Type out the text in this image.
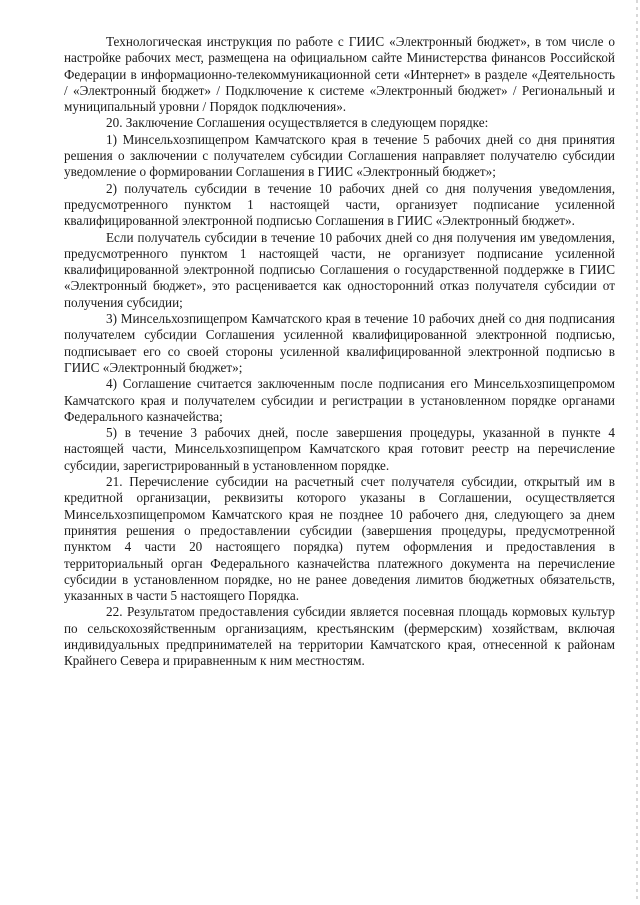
Технологическая инструкция по работе с ГИИС «Электронный бюджет», в том числе о настройке рабочих мест, размещена на официальном сайте Министерства финансов Российской Федерации в информационно-телекоммуникационной сети «Интернет» в разделе «Деятельность / «Электронный бюджет» / Подключение к системе «Электронный бюджет» / Региональный и муниципальный уровни / Порядок подключения».

20. Заключение Соглашения осуществляется в следующем порядке:

1) Минсельхозпищепром Камчатского края в течение 5 рабочих дней со дня принятия решения о заключении с получателем субсидии Соглашения направляет получателю субсидии уведомление о формировании Соглашения в ГИИС «Электронный бюджет»;

2) получатель субсидии в течение 10 рабочих дней со дня получения уведомления, предусмотренного пунктом 1 настоящей части, организует подписание усиленной квалифицированной электронной подписью Соглашения в ГИИС «Электронный бюджет».

Если получатель субсидии в течение 10 рабочих дней со дня получения им уведомления, предусмотренного пунктом 1 настоящей части, не организует подписание усиленной квалифицированной электронной подписью Соглашения о государственной поддержке в ГИИС «Электронный бюджет», это расценивается как односторонний отказ получателя субсидии от получения субсидии;

3) Минсельхозпищепром Камчатского края в течение 10 рабочих дней со дня подписания получателем субсидии Соглашения усиленной квалифицированной электронной подписью, подписывает его со своей стороны усиленной квалифицированной электронной подписью в ГИИС «Электронный бюджет»;

4) Соглашение считается заключенным после подписания его Минсельхозпищепромом Камчатского края и получателем субсидии и регистрации в установленном порядке органами Федерального казначейства;

5) в течение 3 рабочих дней, после завершения процедуры, указанной в пункте 4 настоящей части, Минсельхозпищепром Камчатского края готовит реестр на перечисление субсидии, зарегистрированный в установленном порядке.

21. Перечисление субсидии на расчетный счет получателя субсидии, открытый им в кредитной организации, реквизиты которого указаны в Соглашении, осуществляется Минсельхозпищепромом Камчатского края не позднее 10 рабочего дня, следующего за днем принятия решения о предоставлении субсидии (завершения процедуры, предусмотренной пунктом 4 части 20 настоящего порядка) путем оформления и предоставления в территориальный орган Федерального казначейства платежного документа на перечисление субсидии в установленном порядке, но не ранее доведения лимитов бюджетных обязательств, указанных в части 5 настоящего Порядка.

22. Результатом предоставления субсидии является посевная площадь кормовых культур по сельскохозяйственным организациям, крестьянским (фермерским) хозяйствам, включая индивидуальных предпринимателей на территории Камчатского края, отнесенной к районам Крайнего Севера и приравненным к ним местностям.
